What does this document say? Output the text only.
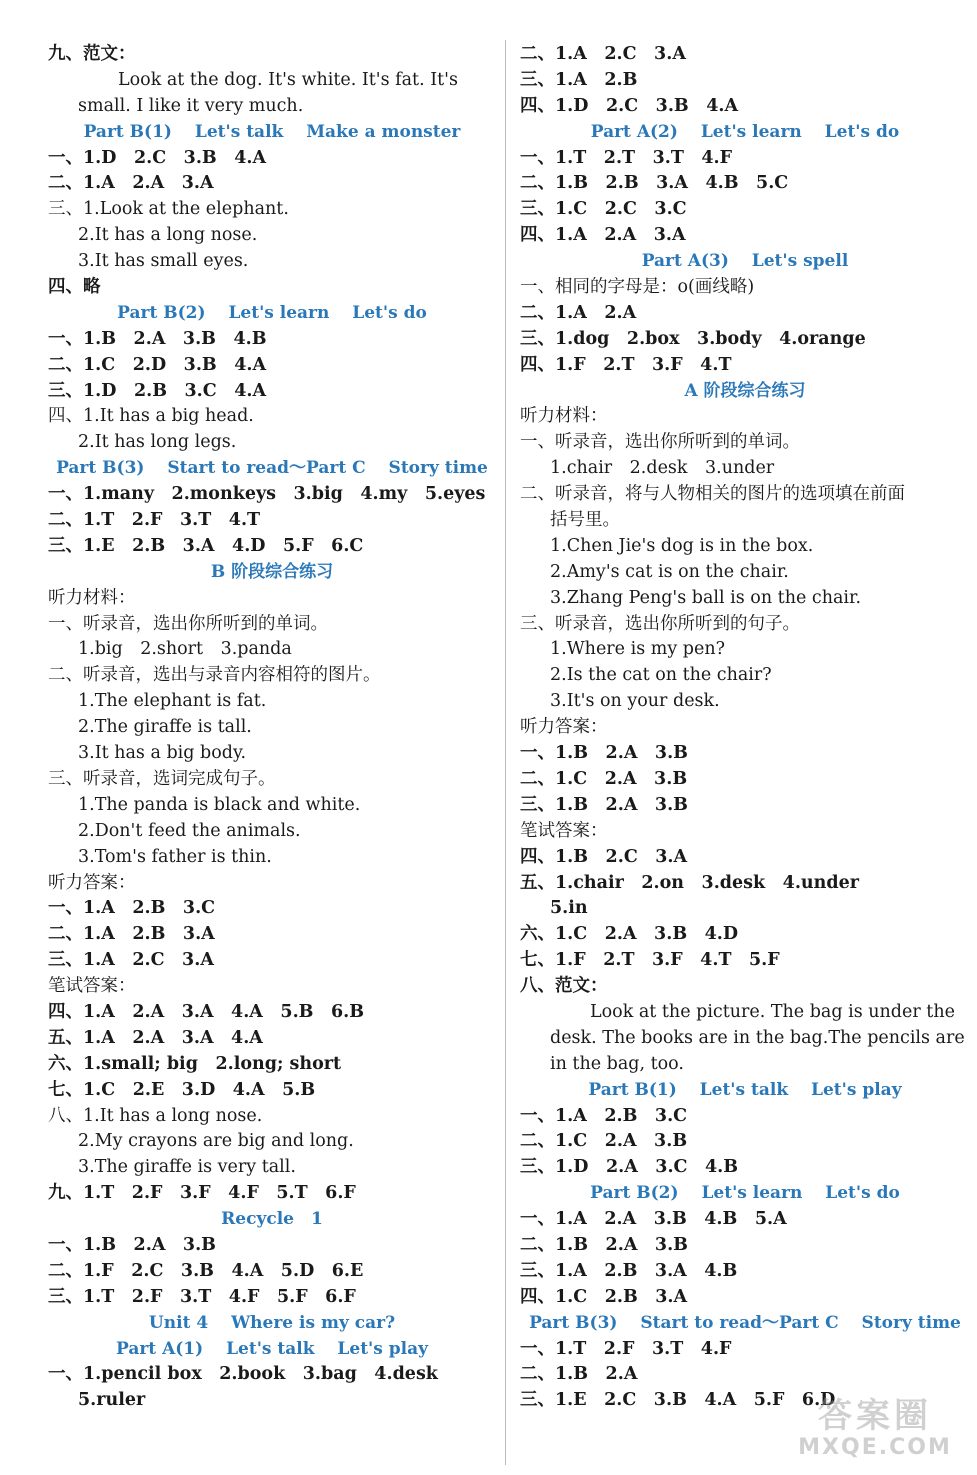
九、范文：
Look at the dog. It's white. It's fat. It's
small. I like it very much.
Part B(1)　 Let's talk　 Make a monster
一、1.D　2.C　3.B　4.A
二、1.A　2.A　3.A
三、1.Look at the elephant.
2.It has a long nose.
3.It has small eyes.
四、略
Part B(2)　 Let's learn　 Let's do
一、1.B　2.A　3.B　4.B
二、1.C　2.D　3.B　4.A
三、1.D　2.B　3.C　4.A
四、1.It has a big head.
2.It has long legs.
Part B(3)　 Start to read～Part C　 Story time
一、1.many　2.monkeys　3.big　4.my　5.eyes
二、1.T　2.F　3.T　4.T
三、1.E　2.B　3.A　4.D　5.F　6.C
B 阶段综合练习
听力材料：
一、听录音，选出你所听到的单词。
1.big　2.short　3.panda
二、听录音，选出与录音内容相符的图片。
1.The elephant is fat.
2.The giraffe is tall.
3.It has a big body.
三、听录音，选词完成句子。
1.The panda is black and white.
2.Don't feed the animals.
3.Tom's father is thin.
听力答案：
一、1.A　2.B　3.C
二、1.A　2.B　3.A
三、1.A　2.C　3.A
笔试答案：
四、1.A　2.A　3.A　4.A　5.B　6.B
五、1.A　2.A　3.A　4.A
六、1.small; big　2.long; short
七、1.C　2.E　3.D　4.A　5.B
八、1.It has a long nose.
2.My crayons are big and long.
3.The giraffe is very tall.
九、1.T　2.F　3.F　4.F　5.T　6.F
Recycle　1
一、1.B　2.A　3.B
二、1.F　2.C　3.B　4.A　5.D　6.E
三、1.T　2.F　3.T　4.F　5.F　6.F
Unit 4　 Where is my car?
Part A(1)　 Let's talk　 Let's play
一、1.pencil box　2.book　3.bag　4.desk
5.ruler
二、1.A　2.C　3.A
三、1.A　2.B
四、1.D　2.C　3.B　4.A
Part A(2)　 Let's learn　 Let's do
一、1.T　2.T　3.T　4.F
二、1.B　2.B　3.A　4.B　5.C
三、1.C　2.C　3.C
四、1.A　2.A　3.A
Part A(3)　 Let's spell
一、相同的字母是：o(画线略)
二、1.A　2.A
三、1.dog　2.box　3.body　4.orange
四、1.F　2.T　3.F　4.T
A 阶段综合练习
听力材料：
一、听录音，选出你所听到的单词。
1.chair　2.desk　3.under
二、听录音，将与人物相关的图片的选项填在前面
括号里。
1.Chen Jie's dog is in the box.
2.Amy's cat is on the chair.
3.Zhang Peng's ball is on the chair.
三、听录音，选出你所听到的句子。
1.Where is my pen?
2.Is the cat on the chair?
3.It's on your desk.
听力答案：
一、1.B　2.A　3.B
二、1.C　2.A　3.B
三、1.B　2.A　3.B
笔试答案：
四、1.B　2.C　3.A
五、1.chair　2.on　3.desk　4.under
5.in
六、1.C　2.A　3.B　4.D
七、1.F　2.T　3.F　4.T　5.F
八、范文：
Look at the picture. The bag is under the
desk. The books are in the bag.The pencils are
in the bag, too.
Part B(1)　 Let's talk　 Let's play
一、1.A　2.B　3.C
二、1.C　2.A　3.B
三、1.D　2.A　3.C　4.B
Part B(2)　 Let's learn　 Let's do
一、1.A　2.A　3.B　4.B　5.A
二、1.B　2.A　3.B
三、1.A　2.B　3.A　4.B
四、1.C　2.B　3.A
Part B(3)　 Start to read～Part C　 Story time
一、1.T　2.F　3.T　4.F
二、1.B　2.A
三、1.E　2.C　3.B　4.A　5.F　6.D
答案圈
MXQE.COM
